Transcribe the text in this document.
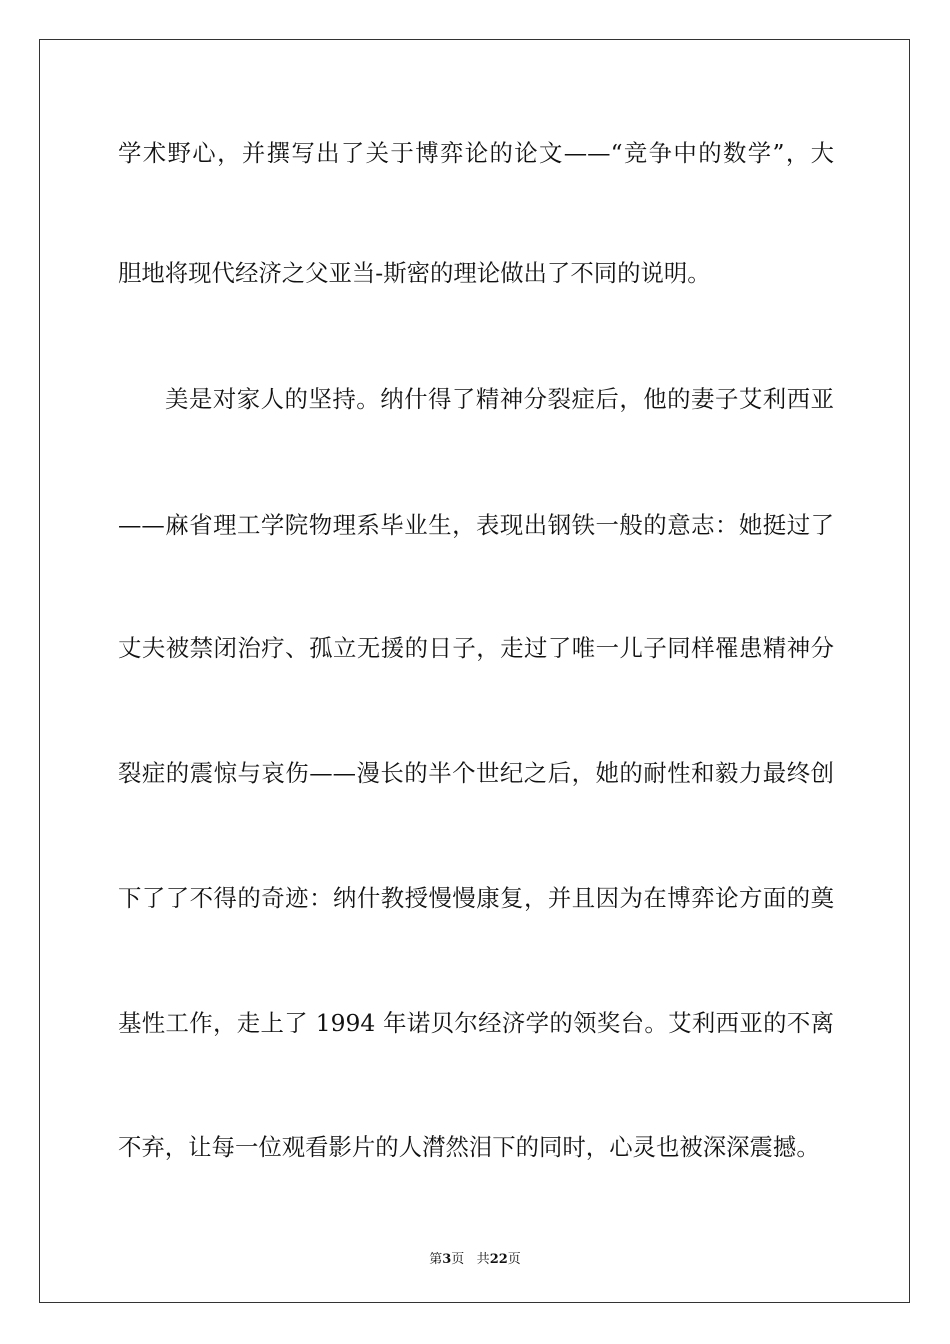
学术野心，并撰写出了关于博弈论的论文——“竞争中的数学”，大
胆地将现代经济之父亚当-斯密的理论做出了不同的说明。
美是对家人的坚持。纳什得了精神分裂症后，他的妻子艾利西亚
——麻省理工学院物理系毕业生，表现出钢铁一般的意志：她挺过了
丈夫被禁闭治疗、孤立无援的日子，走过了唯一儿子同样罹患精神分
裂症的震惊与哀伤——漫长的半个世纪之后，她的耐性和毅力最终创
下了了不得的奇迹：纳什教授慢慢康复，并且因为在博弈论方面的奠
基性工作，走上了 1994 年诺贝尔经济学的领奖台。艾利西亚的不离
不弃，让每一位观看影片的人潸然泪下的同时，心灵也被深深震撼。
第3页 共22页
